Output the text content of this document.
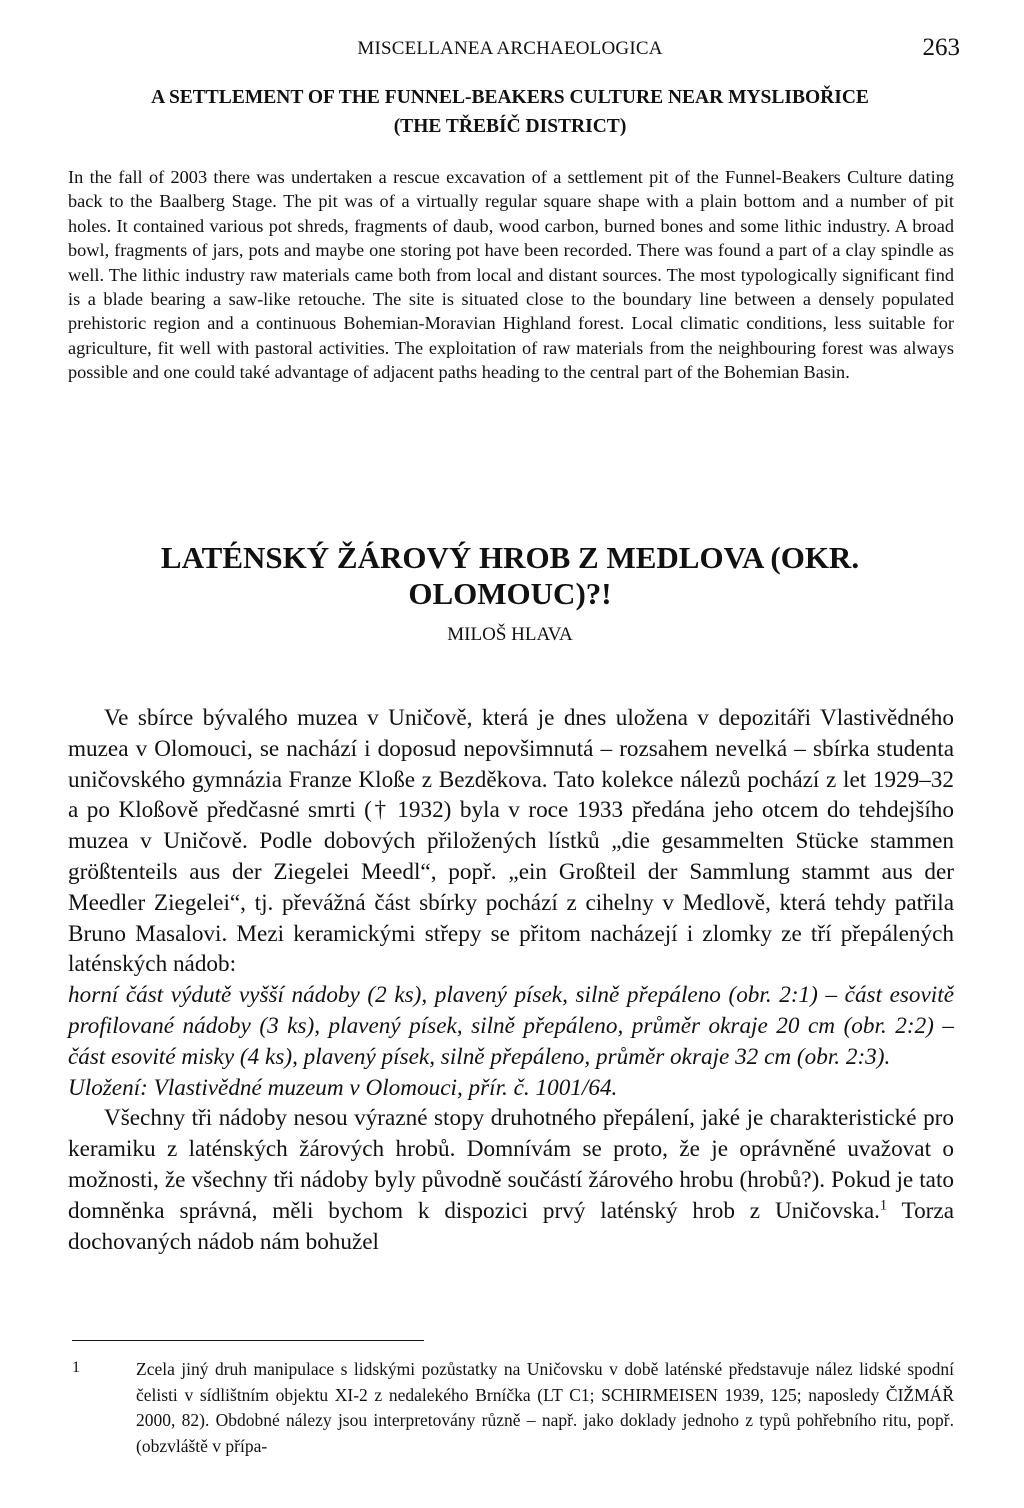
MISCELLANEA ARCHAEOLOGICA	263
A SETTLEMENT OF THE FUNNEL-BEAKERS CULTURE NEAR MYSLIBOŘICE
(THE TŘEBÍČ DISTRICT)
In the fall of 2003 there was undertaken a rescue excavation of a settlement pit of the Funnel-Beakers Culture dating back to the Baalberg Stage. The pit was of a virtually regular square shape with a plain bottom and a number of pit holes. It contained various pot shreds, fragments of daub, wood carbon, burned bones and some lithic industry. A broad bowl, fragments of jars, pots and maybe one storing pot have been recorded. There was found a part of a clay spindle as well. The lithic industry raw materials came both from local and distant sources. The most typologically significant find is a blade bearing a saw-like retouche. The site is situated close to the boundary line between a densely populated prehistoric region and a continuous Bohemian-Moravian Highland forest. Local climatic conditions, less suitable for agriculture, fit well with pastoral activities. The exploitation of raw materials from the neighbouring forest was always possible and one could také advantage of adjacent paths heading to the central part of the Bohemian Basin.
LATÉNSKÝ ŽÁROVÝ HROB Z MEDLOVA (OKR. OLOMOUC)?!
MILOŠ HLAVA

Ve sbírce bývalého muzea v Uničově, která je dnes uložena v depozitáři Vlastivědného muzea v Olomouci, se nachází i doposud nepovšimnutá – rozsahem nevelká – sbírka studenta uničovského gymnázia Franze Kloße z Bezděkova. Tato kolekce nálezů pochází z let 1929–32 a po Kloßově předčasné smrti († 1932) byla v roce 1933 předána jeho otcem do tehdejšího muzea v Uničově. Podle dobových přiložených lístků „die gesammelten Stücke stammen größtenteils aus der Ziegelei Meedl“, popř. „ein Großteil der Sammlung stammt aus der Meedler Ziegelei“, tj. převážná část sbírky pochází z cihelny v Medlově, která tehdy patřila Bruno Masalovi. Mezi keramickými střepy se přitom nacházejí i zlomky ze tří přepálených laténských nádob:

horní část výdutě vyšší nádoby (2 ks), plavený písek, silně přepáleno (obr. 2:1) – část esovitě profilované nádoby (3 ks), plavený písek, silně přepáleno, průměr okraje 20 cm (obr. 2:2) – část esovité misky (4 ks), plavený písek, silně přepáleno, průměr okraje 32 cm (obr. 2:3).

Uložení: Vlastivědné muzeum v Olomouci, přír. č. 1001/64.

Všechny tři nádoby nesou výrazné stopy druhotného přepálení, jaké je charakteristické pro keramiku z laténských žárových hrobů. Domnívám se proto, že je oprávněné uvažovat o možnosti, že všechny tři nádoby byly původně součástí žárového hrobu (hrobů?). Pokud je tato domněnka správná, měli bychom k dispozici prvý laténský hrob z Uničovska.$^1$ Torza dochovaných nádob nám bohužel

1	Zcela jiný druh manipulace s lidskými pozůstatky na Uničovsku v době laténské představuje nález lidské spodní čelisti v sídlištním objektu XI-2 z nedalekého Brníčka (LT C1; SCHIRMEISEN 1939, 125; naposledy ČIŽMÁŘ 2000, 82). Obdobné nálezy jsou interpretovány různě – např. jako doklady jednoho z typů pohřebního ritu, popř. (obzvláště v přípa-
